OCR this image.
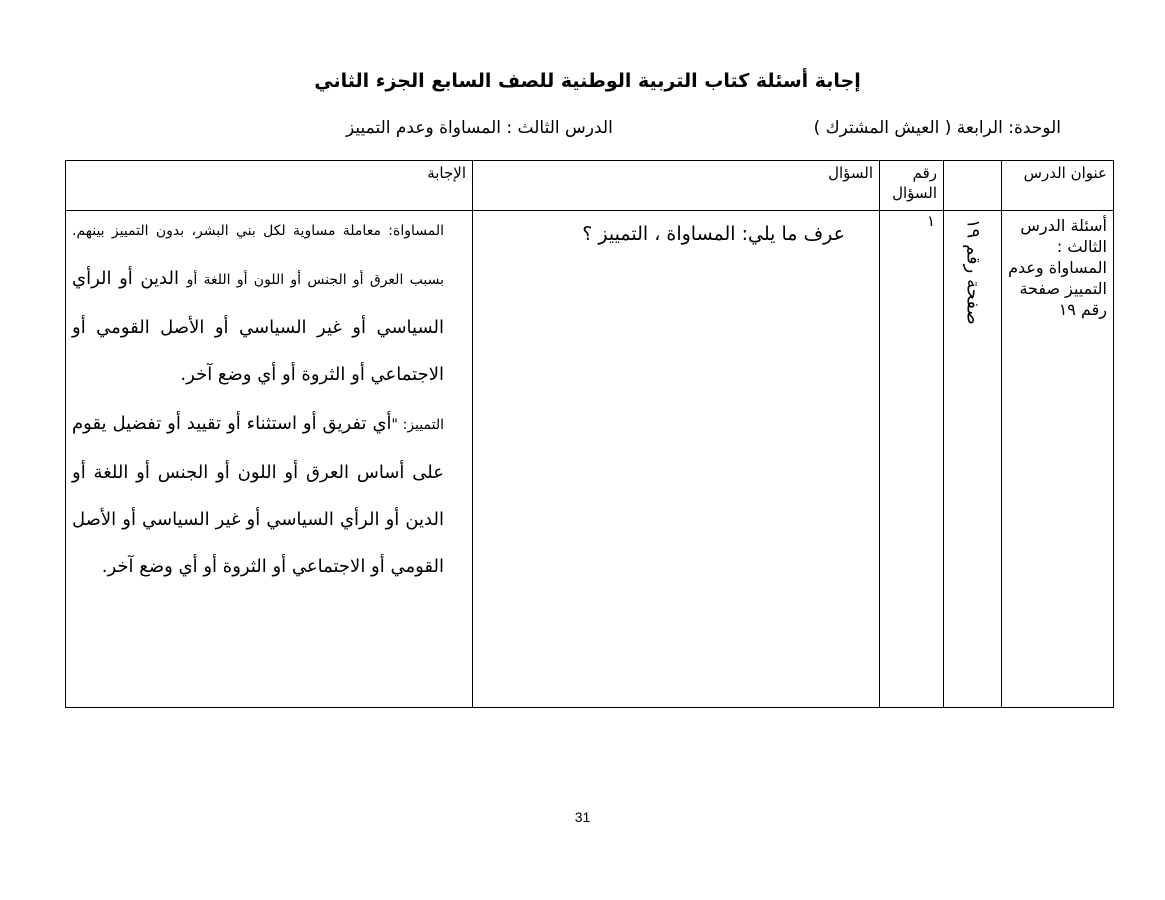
إجابة أسئلة كتاب التربية الوطنية للصف السابع الجزء الثاني
الوحدة: الرابعة ( العيش المشترك )
الدرس الثالث : المساواة وعدم التمييز
عنوان الدرس		رقم السؤال	السؤال	الإجابة

أسئلة الدرس الثالث : المساواة وعدم التمييز صفحة رقم ١٩	صفحة رقم ١٩	١	عرف ما يلي: المساواة ، التمييز ؟	المساواة: معاملة مساوية لكل بني البشر، بدون التمييز بينهم. بسبب العرق أو الجنس أو اللون أو اللغة أو الدين أو الرأي السياسي أو غير السياسي أو الأصل القومي أو الاجتماعي أو الثروة أو أي وضع آخر.
التمييز: "أي تفريق أو استثناء أو تقييد أو تفضيل يقوم على أساس العرق أو اللون أو الجنس أو اللغة أو الدين أو الرأي السياسي أو غير السياسي أو الأصل القومي أو الاجتماعي أو الثروة أو أي وضع آخر.
31
